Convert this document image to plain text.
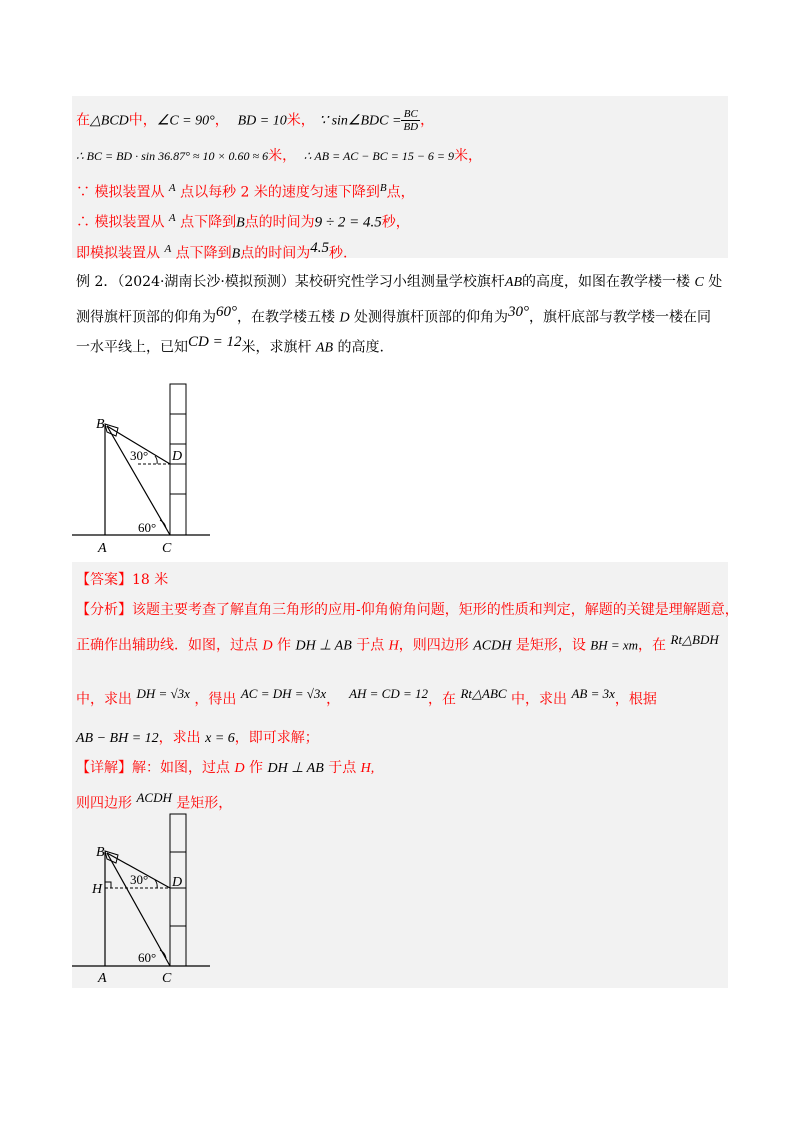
在△BCD中，∠C = 90°， BD = 10米， ∵ sin∠BDC = $\frac{BC}{BD}$ ，
∴ BC = BD · sin 36.87° ≈ 10 × 0.60 ≈ 6米， ∴ AB = AC − BC = 15 − 6 = 9米，
∵ 模拟装置从 $^A$ 点以每秒 2 米的速度匀速下降到$^B$点，
∴ 模拟装置从 $^A$ 点下降到B点的时间为9 ÷ 2 = 4.5秒，
即模拟装置从 $^A$ 点下降到B点的时间为4.5秒.
例 2．（2024·湖南长沙·模拟预测）某校研究性学习小组测量学校旗杆AB的高度，如图在教学楼一楼 C 处
测得旗杆顶部的仰角为60°，在教学楼五楼 D 处测得旗杆顶部的仰角为30°，旗杆底部与教学楼一楼在同
一水平线上，已知CD = 12米，求旗杆 AB 的高度.
B
D
A	C
30°
60°
【答案】18 米
【分析】该题主要考查了解直角三角形的应用-仰角俯角问题，矩形的性质和判定，解题的关键是理解题意，
正确作出辅助线．如图，过点 D 作 DH ⊥ AB 于点 H，则四边形 ACDH 是矩形，设 BH = xm，在 Rt△BDH
中，求出 DH = √3x ，得出 AC = DH = √3x， AH = CD = 12，在 Rt△ABC 中，求出 AB = 3x，根据
AB − BH = 12，求出 x = 6，即可求解；
【详解】解：如图，过点 D 作 DH ⊥ AB 于点 H,
则四边形 ACDH 是矩形，
B
D
H
A	C
30°
60°
